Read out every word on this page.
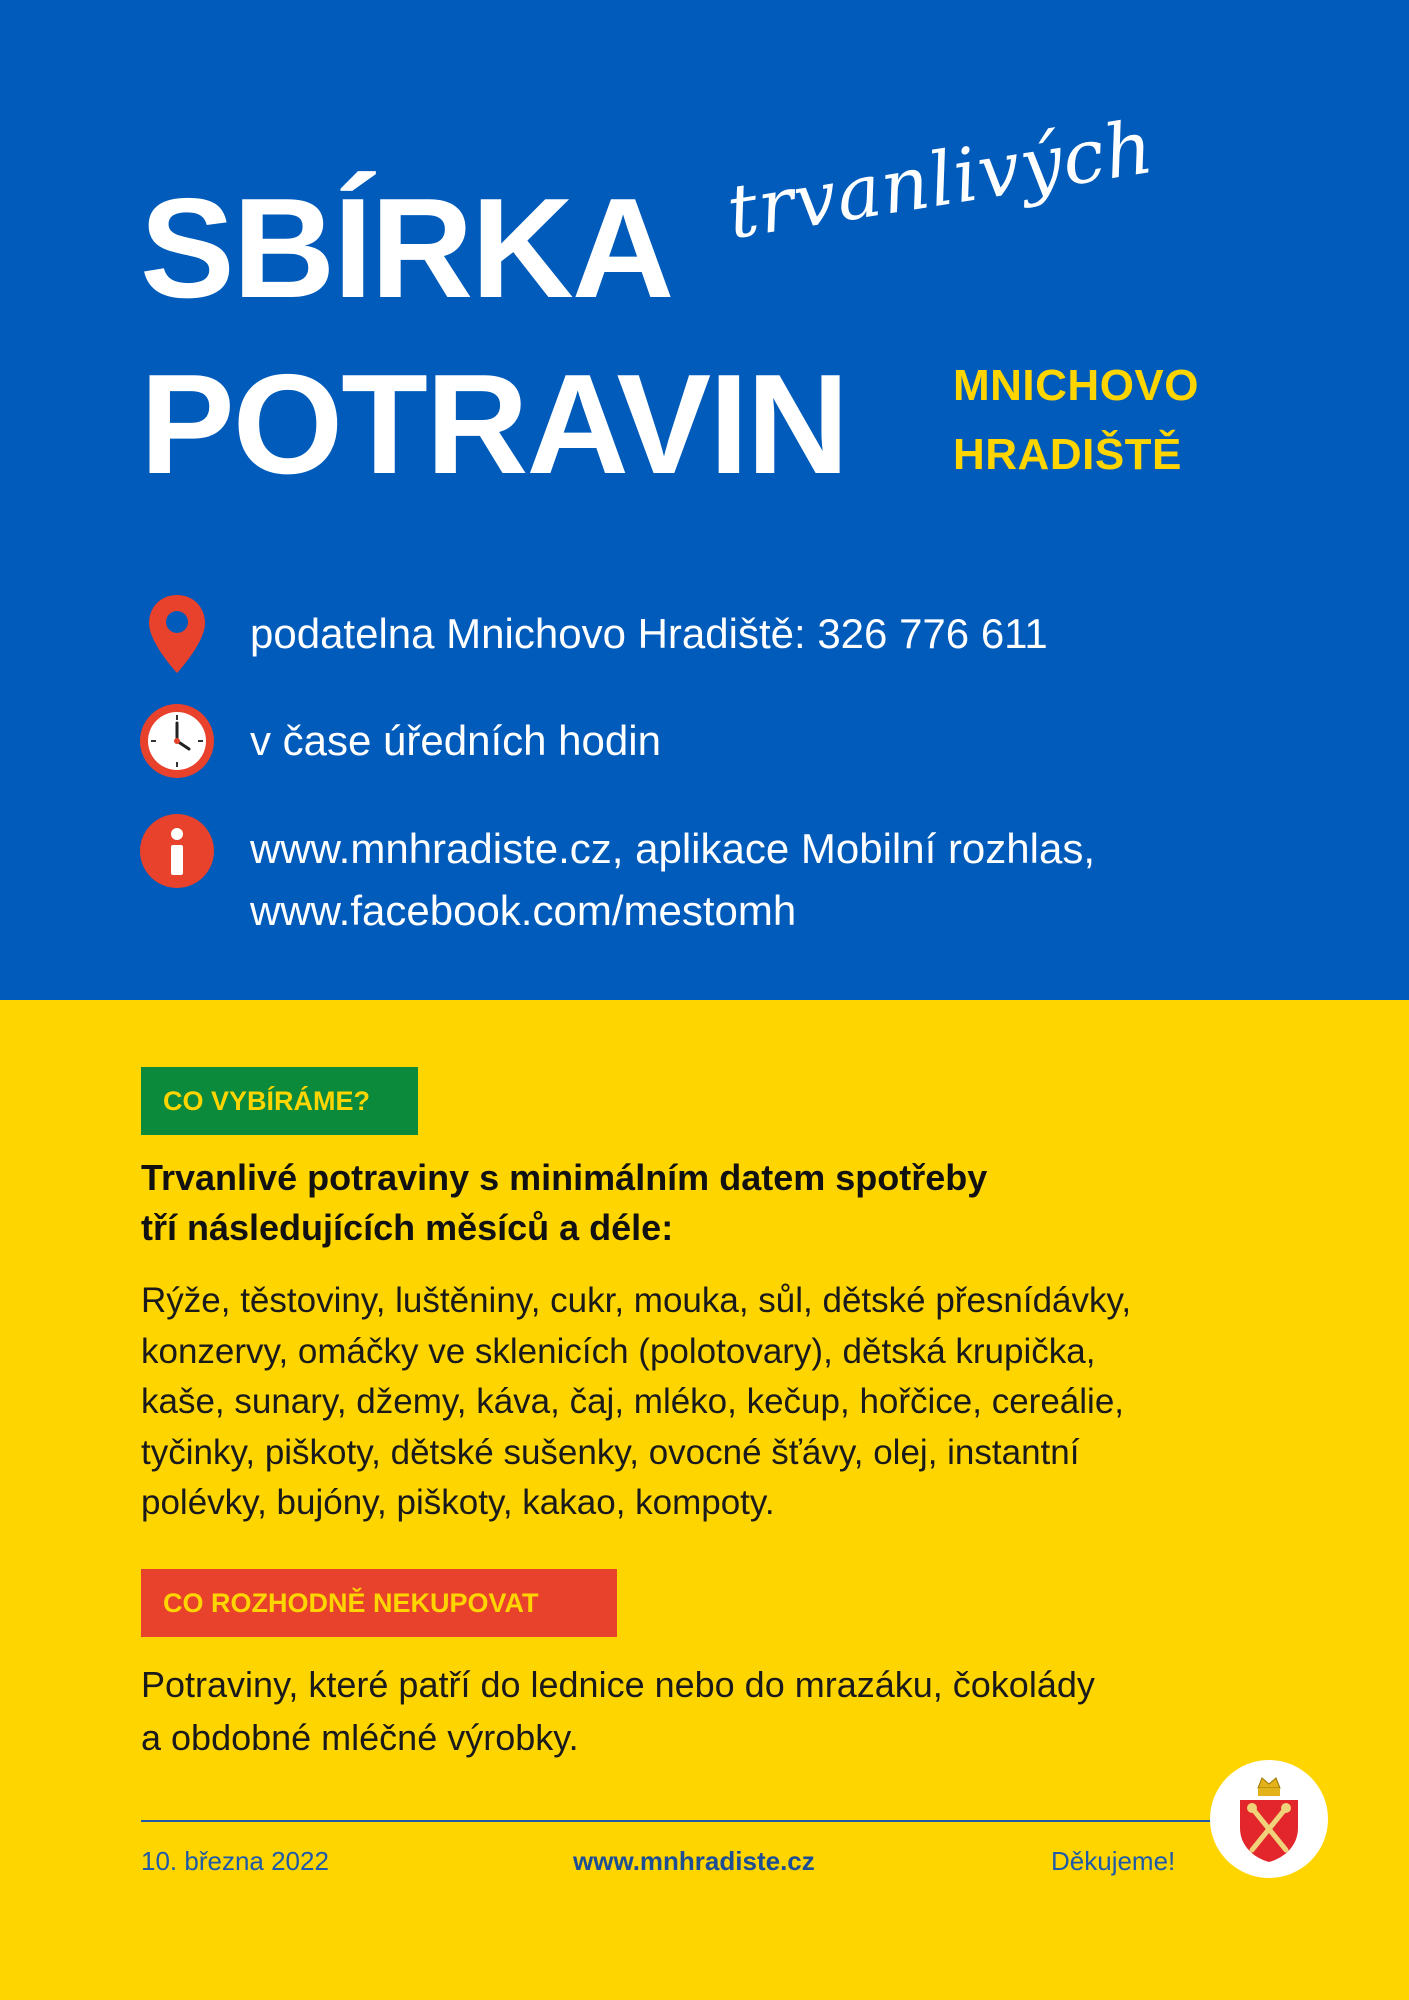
SBÍRKA trvanlivých
POTRAVIN MNICHOVO
HRADIŠTĚ
podatelna Mnichovo Hradiště: 326 776 611
v čase úředních hodin
www.mnhradiste.cz, aplikace Mobilní rozhlas,
www.facebook.com/mestomh
CO VYBÍRÁME?
Trvanlivé potraviny s minimálním datem spotřeby
tří následujících měsíců a déle:
Rýže, těstoviny, luštěniny, cukr, mouka, sůl, dětské přesnídávky,
konzervy, omáčky ve sklenicích (polotovary), dětská krupička,
kaše, sunary, džemy, káva, čaj, mléko, kečup, hořčice, cereálie,
tyčinky, piškoty, dětské sušenky, ovocné šťávy, olej, instantní
polévky, bujóny, piškoty, kakao, kompoty.
CO ROZHODNĚ NEKUPOVAT
Potraviny, které patří do lednice nebo do mrazáku, čokolády
a obdobné mléčné výrobky.
10. března 2022	www.mnhradiste.cz	Děkujeme!
